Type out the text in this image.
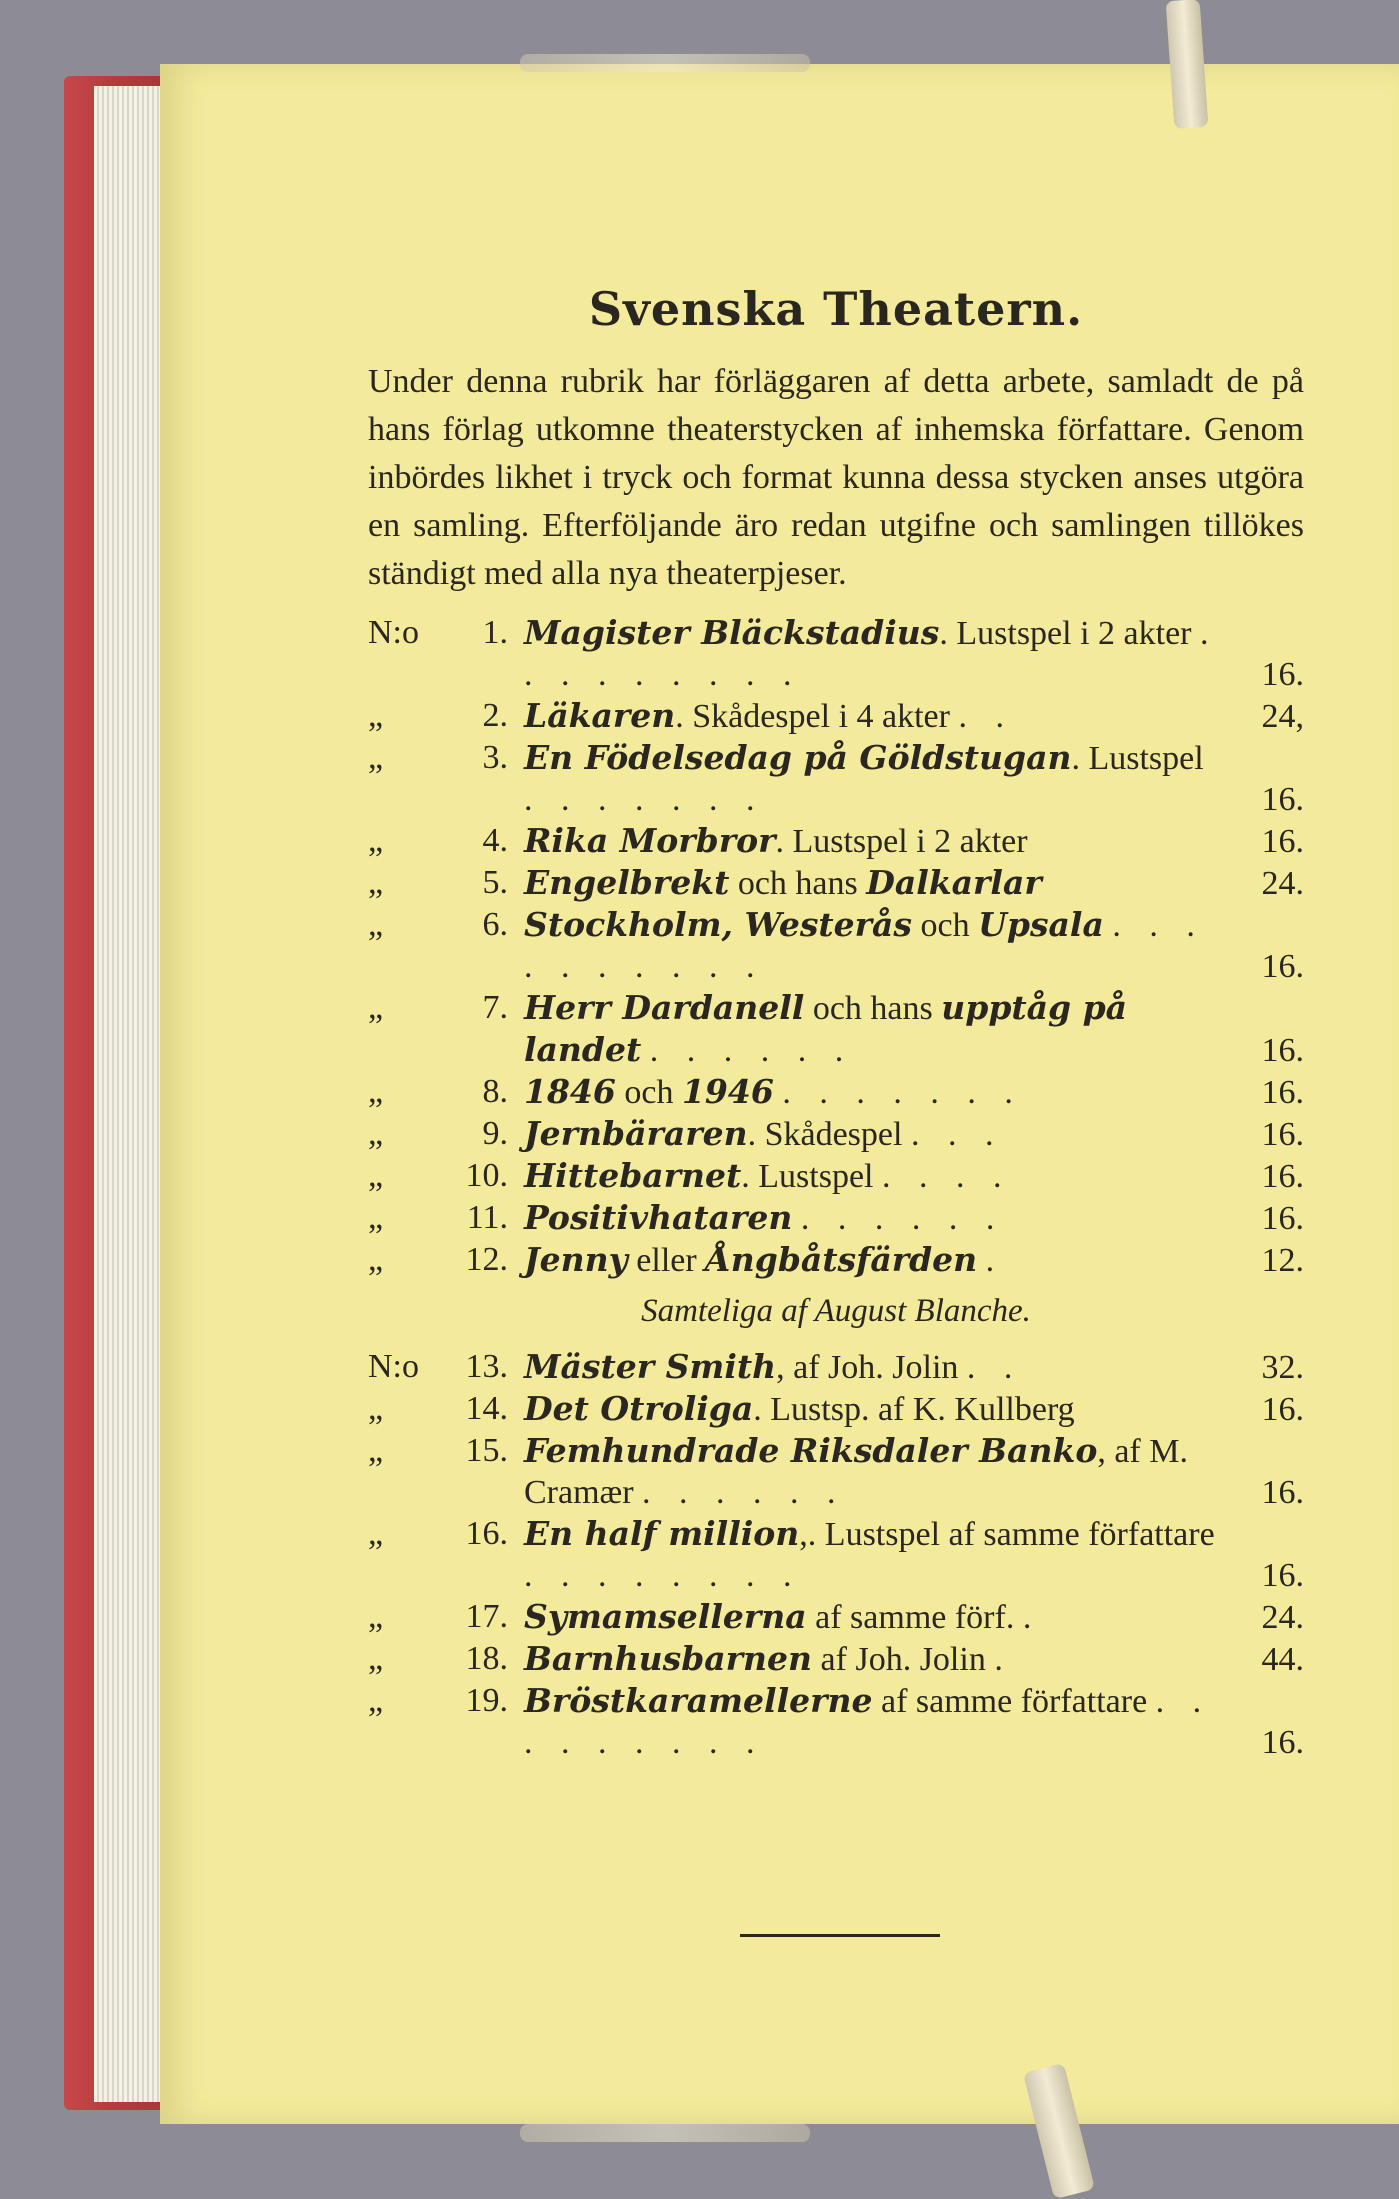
Svenska Theatern.
Under denna rubrik har förläggaren af detta arbete, samladt de på hans förlag utkomne theaterstycken af inhemska författare. Genom inbördes likhet i tryck och format kunna dessa stycken anses utgöra en samling. Efterföljande äro redan utgifne och samlingen tillökes ständigt med alla nya theaterpjeser.
N:o	1. Magister Bläckstadius. Lustspel i 2 akter . . . . . . . . .	16.
„	2. Läkaren. Skådespel i 4 akter . .	24,
„	3. En Födelsedag på Göldstugan. Lustspel . . . . . . .	16.
„	4. Rika Morbror. Lustspel i 2 akter	16.
„	5. Engelbrekt och hans Dalkarlar	24.
„	6. Stockholm, Westerås och Upsala . . . . . . . . . .	16.
„	7. Herr Dardanell och hans upptåg på landet . . . . . .	16.
„	8. 1846 och 1946 . . . . . . .	16.
„	9. Jernbäraren. Skådespel . . .	16.
„	10. Hittebarnet. Lustspel . . . .	16.
„	11. Positivhataren . . . . . .	16.
„	12. Jenny eller Ångbåtsfärden .	12.
Samteliga af August Blanche.
N:o	13. Mäster Smith, af Joh. Jolin . .	32.
„	14. Det Otroliga. Lustsp. af K. Kullberg	16.
„	15. Femhundrade Riksdaler Banko, af M. Cramær . . . . . .	16.
„	16. En half million,. Lustspel af samme författare . . . . . . . .	16.
„	17. Symamsellerna af samme förf. .	24.
„	18. Barnhusbarnen af Joh. Jolin .	44.
„	19. Bröstkaramellerne af samme författare . . . . . . . . .	16.
